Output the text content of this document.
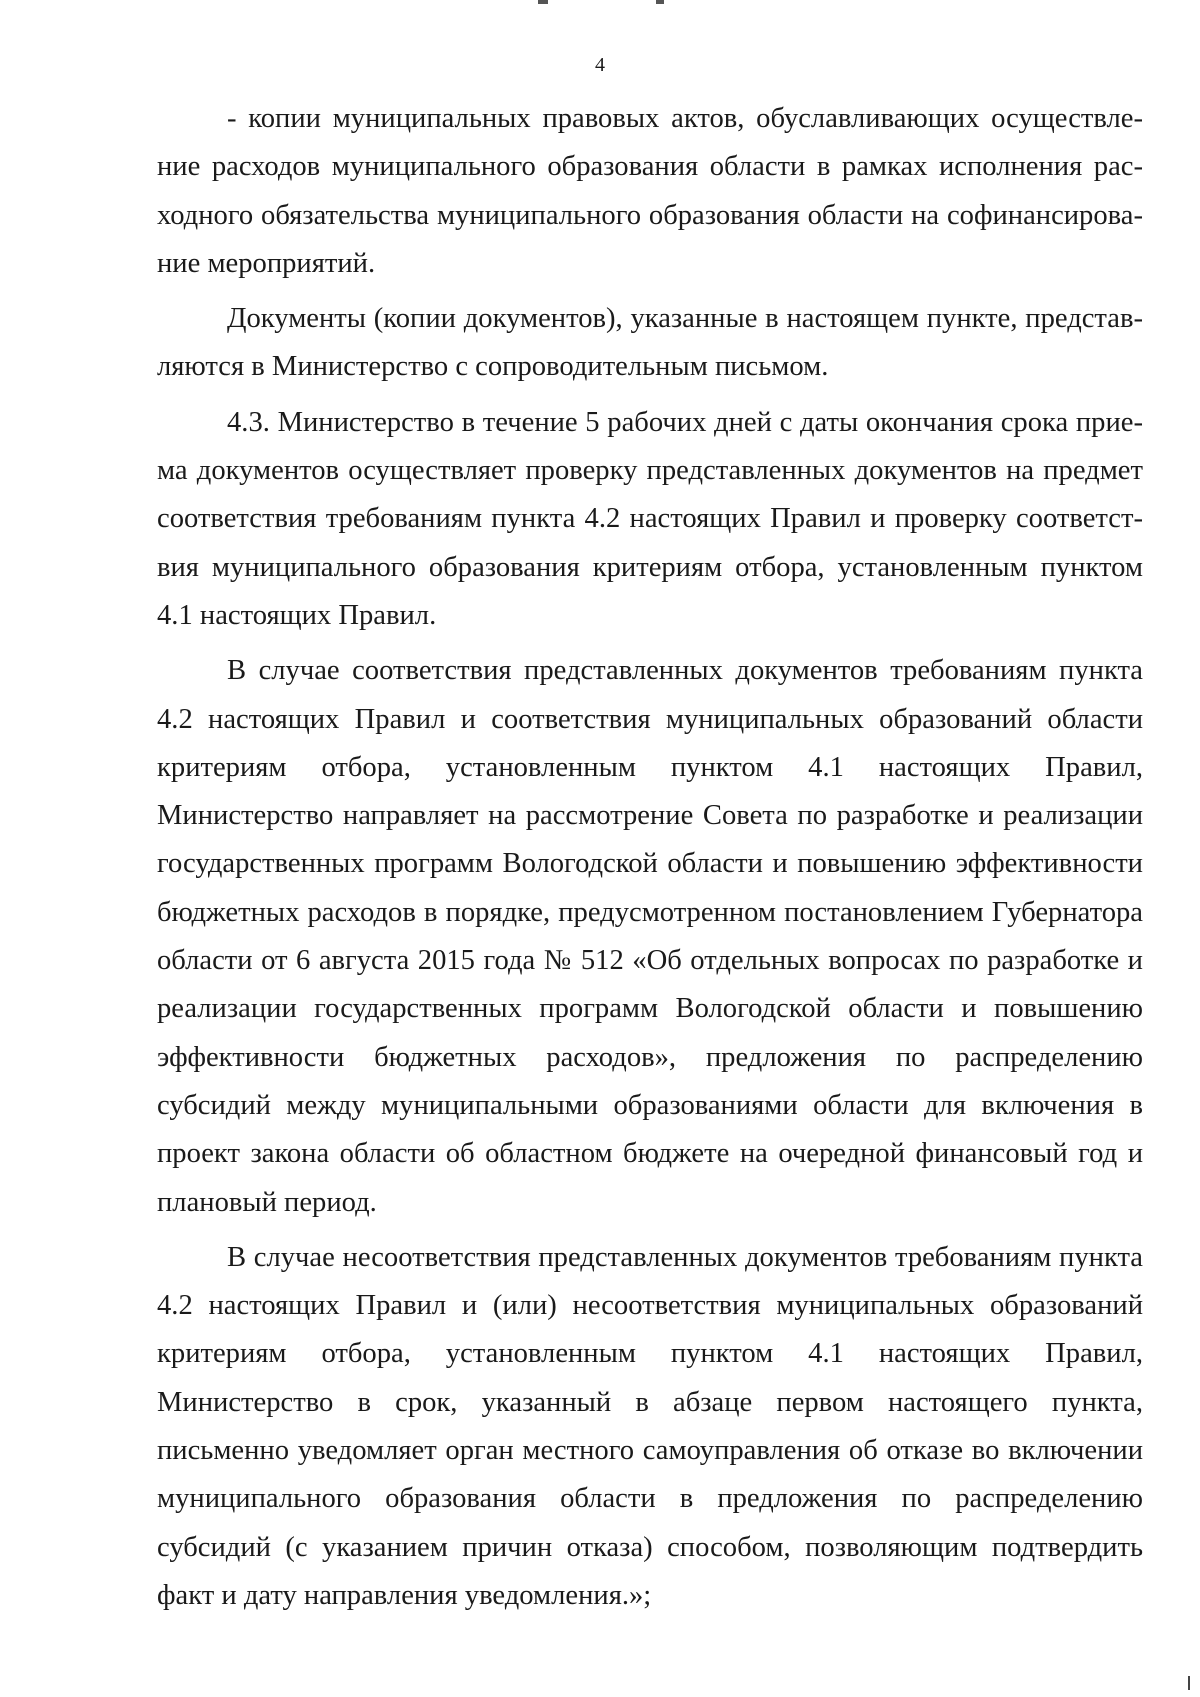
4

- копии муниципальных правовых актов, обуславливающих осуществление расходов муниципального образования области в рамках исполнения расходного обязательства муниципального образования области на софинансирование мероприятий.

Документы (копии документов), указанные в настоящем пункте, представляются в Министерство с сопроводительным письмом.

4.3. Министерство в течение 5 рабочих дней с даты окончания срока приема документов осуществляет проверку представленных документов на предмет соответствия требованиям пункта 4.2 настоящих Правил и проверку соответствия муниципального образования критериям отбора, установленным пунктом 4.1 настоящих Правил.

В случае соответствия представленных документов требованиям пункта 4.2 настоящих Правил и соответствия муниципальных образований области критериям отбора, установленным пунктом 4.1 настоящих Правил, Министерство направляет на рассмотрение Совета по разработке и реализации государственных программ Вологодской области и повышению эффективности бюджетных расходов в порядке, предусмотренном постановлением Губернатора области от 6 августа 2015 года № 512 «Об отдельных вопросах по разработке и реализации государственных программ Вологодской области и повышению эффективности бюджетных расходов», предложения по распределению субсидий между муниципальными образованиями области для включения в проект закона области об областном бюджете на очередной финансовый год и плановый период.

В случае несоответствия представленных документов требованиям пункта 4.2 настоящих Правил и (или) несоответствия муниципальных образований критериям отбора, установленным пунктом 4.1 настоящих Правил, Министерство в срок, указанный в абзаце первом настоящего пункта, письменно уведомляет орган местного самоуправления об отказе во включении муниципального образования области в предложения по распределению субсидий (с указанием причин отказа) способом, позволяющим подтвердить факт и дату направления уведомления.»;
